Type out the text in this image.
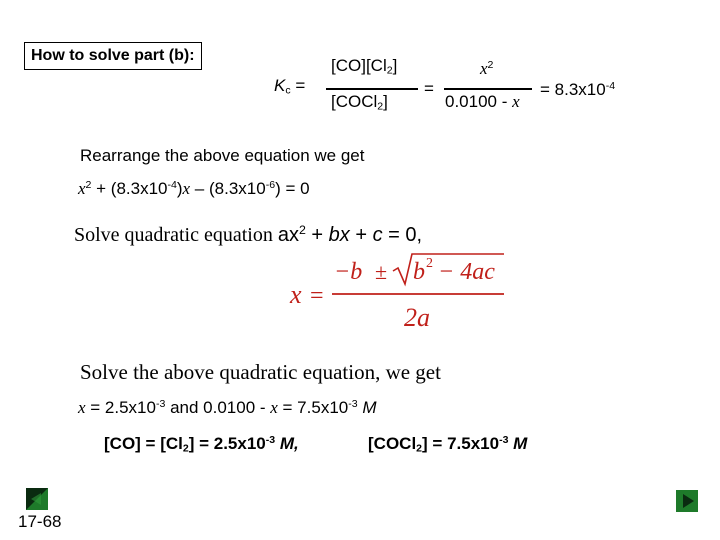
How to solve part (b):
$K_c$ =
$[CO][Cl_2]$
[COCl$_2$]
=
$x^2$
0.0100 - x
= $8.3x10^{-4}$
Rearrange the above equation we get
$x^2 + (8.3x10^{-4})x - (8.3x10^{-6}) = 0$
Solve quadratic equation $ax^2$ + bx + c = 0,
x =
−b ± b 2 − 4ac
2a
Solve the above quadratic equation, we get
$x = 2.5x10^{-3}$ and $0.0100 - x = 7.5x10^{-3}$ M
$[CO] = [Cl_2] = 2.5x10^{-3}$ M,	[COCl$_2$] = $7.5x10^{-3}$ M
17-68
